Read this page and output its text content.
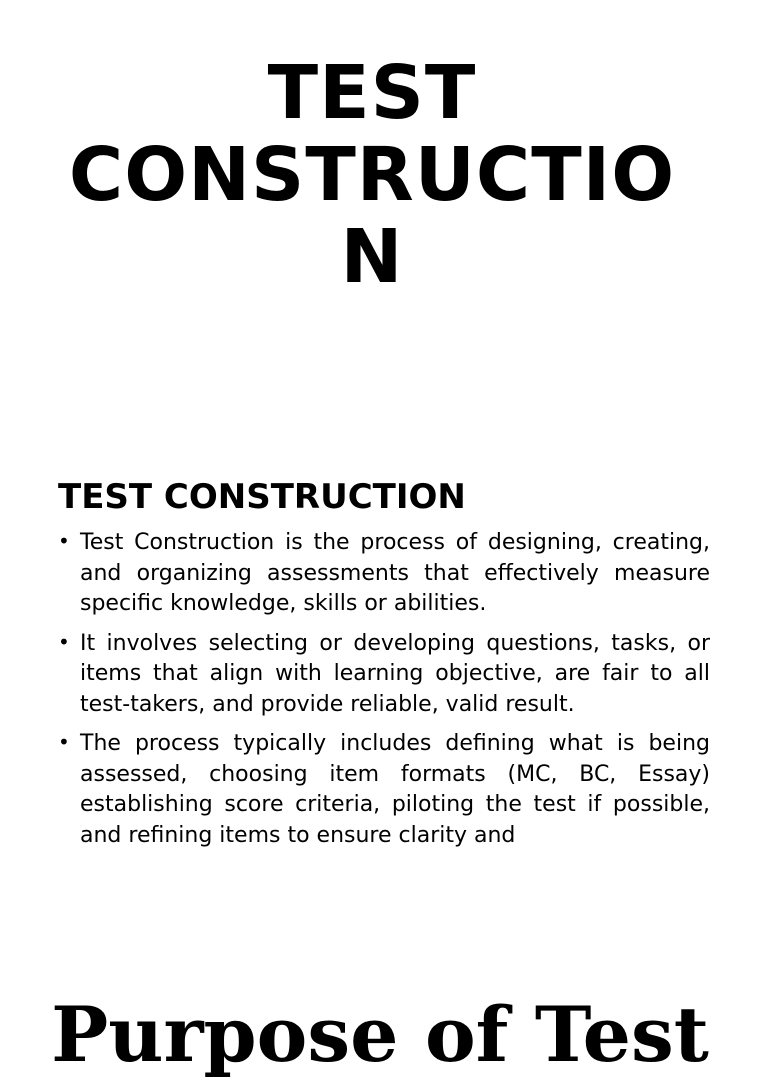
TEST
CONSTRUCTIO
N
TEST CONSTRUCTION
• Test Construction is the process of designing, creating, and organizing assessments that effectively measure specific knowledge, skills or abilities.
• It involves selecting or developing questions, tasks, or items that align with learning objective, are fair to all test-takers, and provide reliable, valid result.
• The process typically includes defining what is being assessed, choosing item formats (MC, BC, Essay) establishing score criteria, piloting the test if possible, and refining items to ensure clarity and
Purpose of Test
